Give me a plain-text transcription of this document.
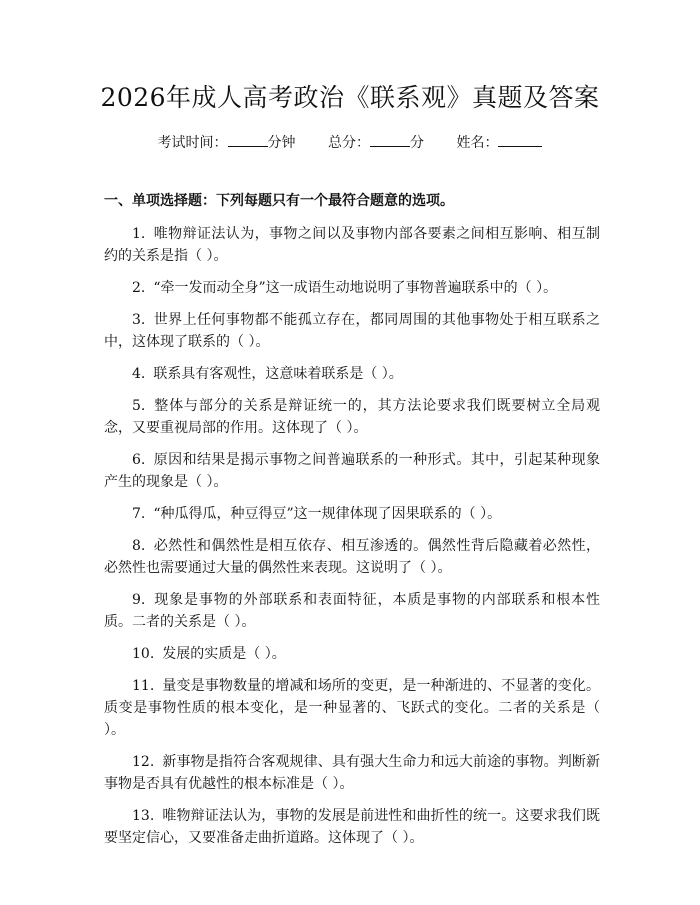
2026年成人高考政治《联系观》真题及答案
考试时间：	分钟 总分：	分 姓名：
一、单项选择题：下列每题只有一个最符合题意的选项。

1. 唯物辩证法认为，事物之间以及事物内部各要素之间相互影响、相互制约的关系是指（ ）。

2. “牵一发而动全身”这一成语生动地说明了事物普遍联系中的（ ）。

3. 世界上任何事物都不能孤立存在，都同周围的其他事物处于相互联系之中，这体现了联系的（ ）。

4. 联系具有客观性，这意味着联系是（ ）。

5. 整体与部分的关系是辩证统一的，其方法论要求我们既要树立全局观念，又要重视局部的作用。这体现了（ ）。

6. 原因和结果是揭示事物之间普遍联系的一种形式。其中，引起某种现象产生的现象是（ ）。

7. “种瓜得瓜，种豆得豆”这一规律体现了因果联系的（ ）。

8. 必然性和偶然性是相互依存、相互渗透的。偶然性背后隐藏着必然性，必然性也需要通过大量的偶然性来表现。这说明了（ ）。

9. 现象是事物的外部联系和表面特征，本质是事物的内部联系和根本性质。二者的关系是（ ）。

10. 发展的实质是（ ）。

11. 量变是事物数量的增减和场所的变更，是一种渐进的、不显著的变化。质变是事物性质的根本变化，是一种显著的、飞跃式的变化。二者的关系是（ ）。

12. 新事物是指符合客观规律、具有强大生命力和远大前途的事物。判断新事物是否具有优越性的根本标准是（ ）。

13. 唯物辩证法认为，事物的发展是前进性和曲折性的统一。这要求我们既要坚定信心，又要准备走曲折道路。这体现了（ ）。
